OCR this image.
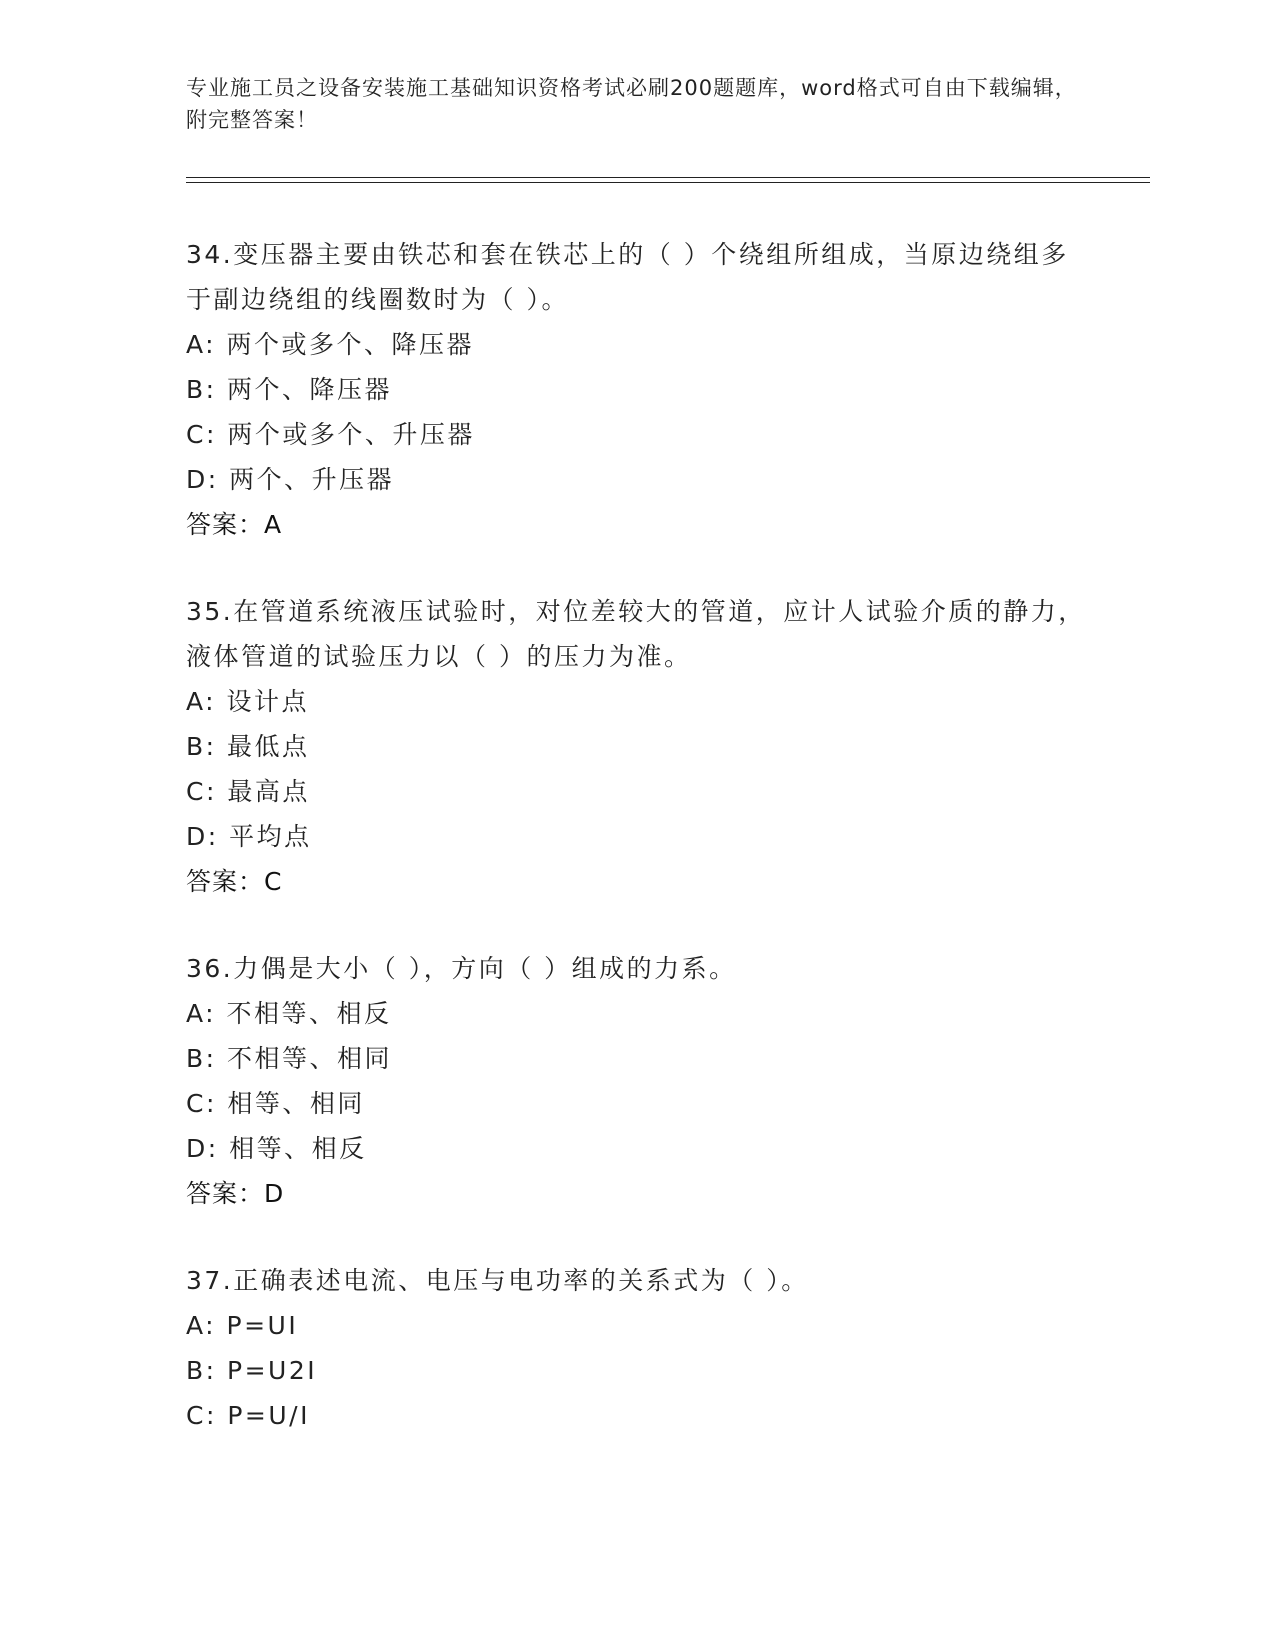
专业施工员之设备安装施工基础知识资格考试必刷200题题库，word格式可自由下载编辑，附完整答案！

34.变压器主要由铁芯和套在铁芯上的（ ）个绕组所组成，当原边绕组多于副边绕组的线圈数时为（ ）。

A: 两个或多个、降压器
B: 两个、降压器
C: 两个或多个、升压器
D: 两个、升压器
答案：A

35.在管道系统液压试验时，对位差较大的管道，应计人试验介质的静力，液体管道的试验压力以（ ）的压力为准。

A: 设计点
B: 最低点
C: 最高点
D: 平均点
答案：C

36.力偶是大小（ ），方向（ ）组成的力系。

A: 不相等、相反
B: 不相等、相同
C: 相等、相同
D: 相等、相反
答案：D

37.正确表述电流、电压与电功率的关系式为（ ）。

A: P=UI
B: P=U2I
C: P=U/I
